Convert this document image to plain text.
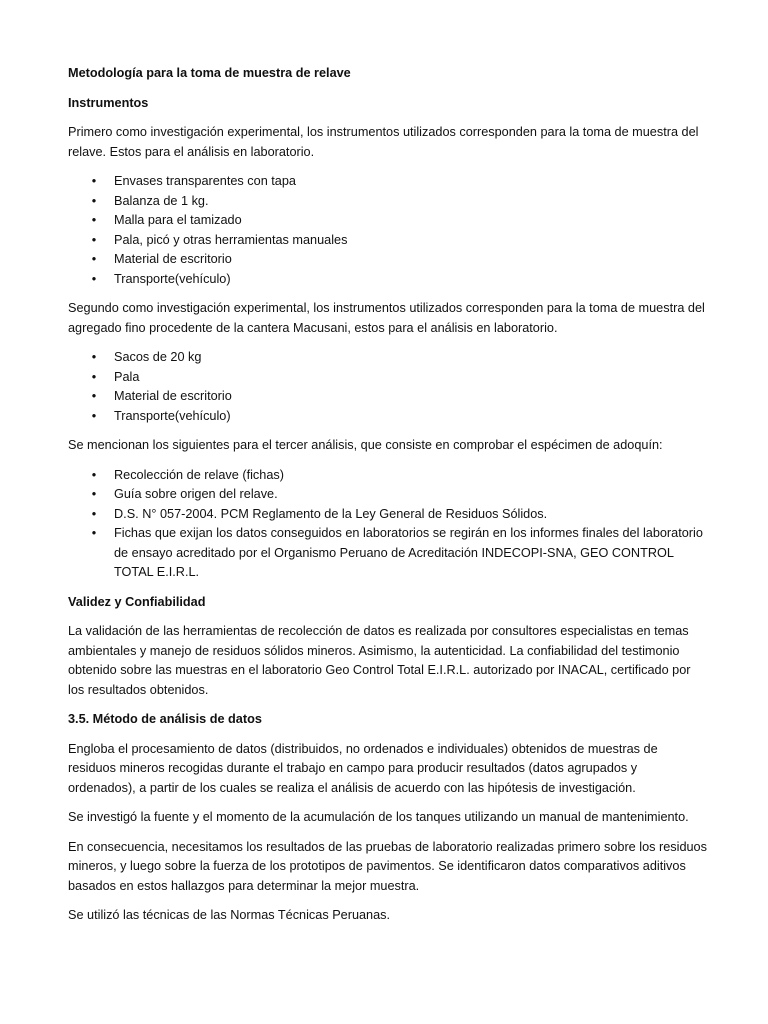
Metodología para la toma de muestra de relave
Instrumentos

Primero como investigación experimental, los instrumentos utilizados corresponden para la toma de muestra del relave. Estos para el análisis en laboratorio.

• Envases transparentes con tapa
• Balanza de 1 kg.
• Malla para el tamizado
• Pala, picó y otras herramientas manuales
• Material de escritorio
• Transporte(vehículo)

Segundo como investigación experimental, los instrumentos utilizados corresponden para la toma de muestra del agregado fino procedente de la cantera Macusani, estos para el análisis en laboratorio.

• Sacos de 20 kg
• Pala
• Material de escritorio
• Transporte(vehículo)

Se mencionan los siguientes para el tercer análisis, que consiste en comprobar el espécimen de adoquín:

• Recolección de relave (fichas)
• Guía sobre origen del relave.
• D.S. N° 057-2004. PCM Reglamento de la Ley General de Residuos Sólidos.
• Fichas que exijan los datos conseguidos en laboratorios se regirán en los informes finales del laboratorio de ensayo acreditado por el Organismo Peruano de Acreditación INDECOPI-SNA, GEO CONTROL TOTAL E.I.R.L.
Validez y Confiabilidad

La validación de las herramientas de recolección de datos es realizada por consultores especialistas en temas ambientales y manejo de residuos sólidos mineros. Asimismo, la autenticidad. La confiabilidad del testimonio obtenido sobre las muestras en el laboratorio Geo Control Total E.I.R.L. autorizado por INACAL, certificado por los resultados obtenidos.

3.5. Método de análisis de datos

Engloba el procesamiento de datos (distribuidos, no ordenados e individuales) obtenidos de muestras de residuos mineros recogidas durante el trabajo en campo para producir resultados (datos agrupados y ordenados), a partir de los cuales se realiza el análisis de acuerdo con las hipótesis de investigación.

Se investigó la fuente y el momento de la acumulación de los tanques utilizando un manual de mantenimiento.

En consecuencia, necesitamos los resultados de las pruebas de laboratorio realizadas primero sobre los residuos mineros, y luego sobre la fuerza de los prototipos de pavimentos. Se identificaron datos comparativos aditivos basados en estos hallazgos para determinar la mejor muestra.

Se utilizó las técnicas de las Normas Técnicas Peruanas.
